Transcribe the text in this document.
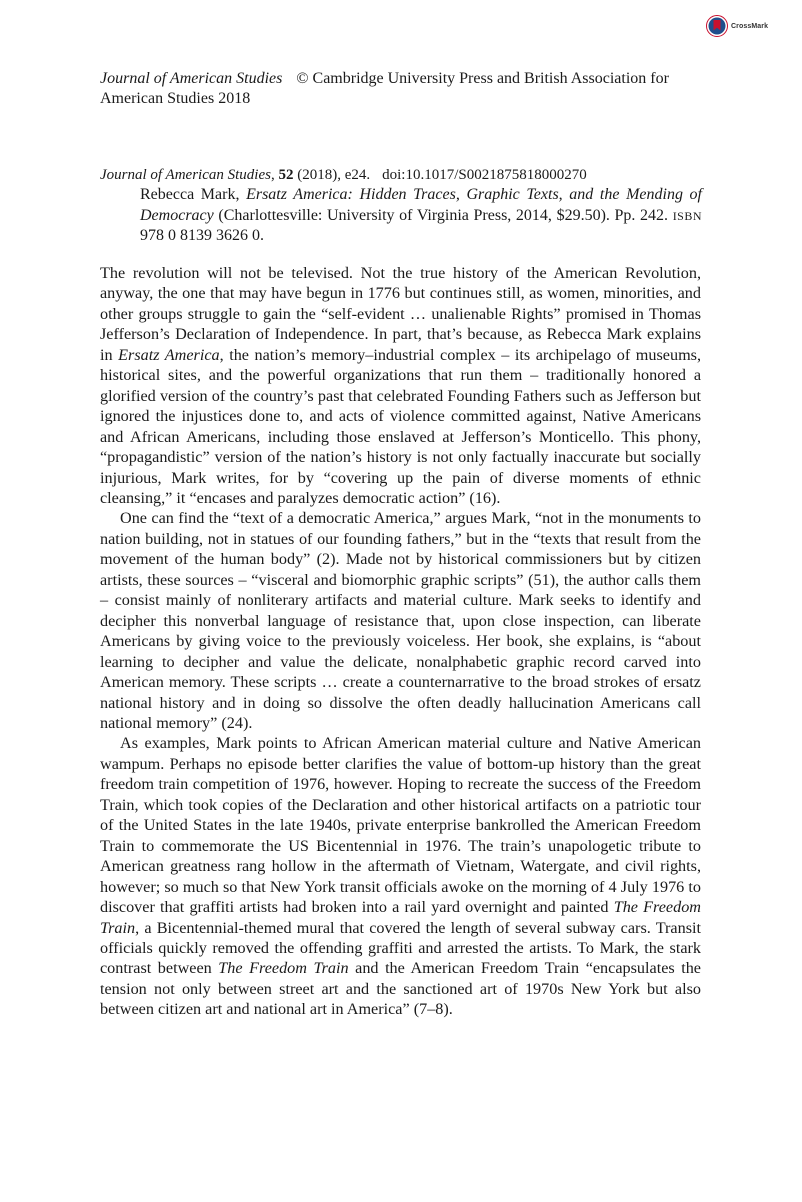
CrossMark
Journal of American Studies © Cambridge University Press and British Association for American Studies 2018
Journal of American Studies, 52 (2018), e24. doi:10.1017/S0021875818000270
Rebecca Mark, Ersatz America: Hidden Traces, Graphic Texts, and the Mending of Democracy (Charlottesville: University of Virginia Press, 2014, $29.50). Pp. 242. ISBN 978 0 8139 3626 0.

The revolution will not be televised. Not the true history of the American Revolution, anyway, the one that may have begun in 1776 but continues still, as women, minorities, and other groups struggle to gain the “self-evident … unalienable Rights” promised in Thomas Jefferson’s Declaration of Independence. In part, that’s because, as Rebecca Mark explains in Ersatz America, the nation’s memory–industrial complex – its archipelago of museums, historical sites, and the powerful organizations that run them – traditionally honored a glorified version of the country’s past that celebrated Founding Fathers such as Jefferson but ignored the injustices done to, and acts of violence committed against, Native Americans and African Americans, including those enslaved at Jefferson’s Monticello. This phony, “propagandistic” version of the nation’s history is not only factually inaccurate but socially injurious, Mark writes, for by “covering up the pain of diverse moments of ethnic cleansing,” it “encases and paralyzes democratic action” (16).

One can find the “text of a democratic America,” argues Mark, “not in the monuments to nation building, not in statues of our founding fathers,” but in the “texts that result from the movement of the human body” (2). Made not by historical commissioners but by citizen artists, these sources – “visceral and biomorphic graphic scripts” (51), the author calls them – consist mainly of nonliterary artifacts and material culture. Mark seeks to identify and decipher this nonverbal language of resistance that, upon close inspection, can liberate Americans by giving voice to the previously voiceless. Her book, she explains, is “about learning to decipher and value the delicate, nonalphabetic graphic record carved into American memory. These scripts … create a counternarrative to the broad strokes of ersatz national history and in doing so dissolve the often deadly hallucination Americans call national memory” (24).

As examples, Mark points to African American material culture and Native American wampum. Perhaps no episode better clarifies the value of bottom-up history than the great freedom train competition of 1976, however. Hoping to recreate the success of the Freedom Train, which took copies of the Declaration and other historical artifacts on a patriotic tour of the United States in the late 1940s, private enterprise bankrolled the American Freedom Train to commemorate the US Bicentennial in 1976. The train’s unapologetic tribute to American greatness rang hollow in the aftermath of Vietnam, Watergate, and civil rights, however; so much so that New York transit officials awoke on the morning of 4 July 1976 to discover that graffiti artists had broken into a rail yard overnight and painted The Freedom Train, a Bicentennial-themed mural that covered the length of several subway cars. Transit officials quickly removed the offending graffiti and arrested the artists. To Mark, the stark contrast between The Freedom Train and the American Freedom Train “encapsulates the tension not only between street art and the sanctioned art of 1970s New York but also between citizen art and national art in America” (7–8).
